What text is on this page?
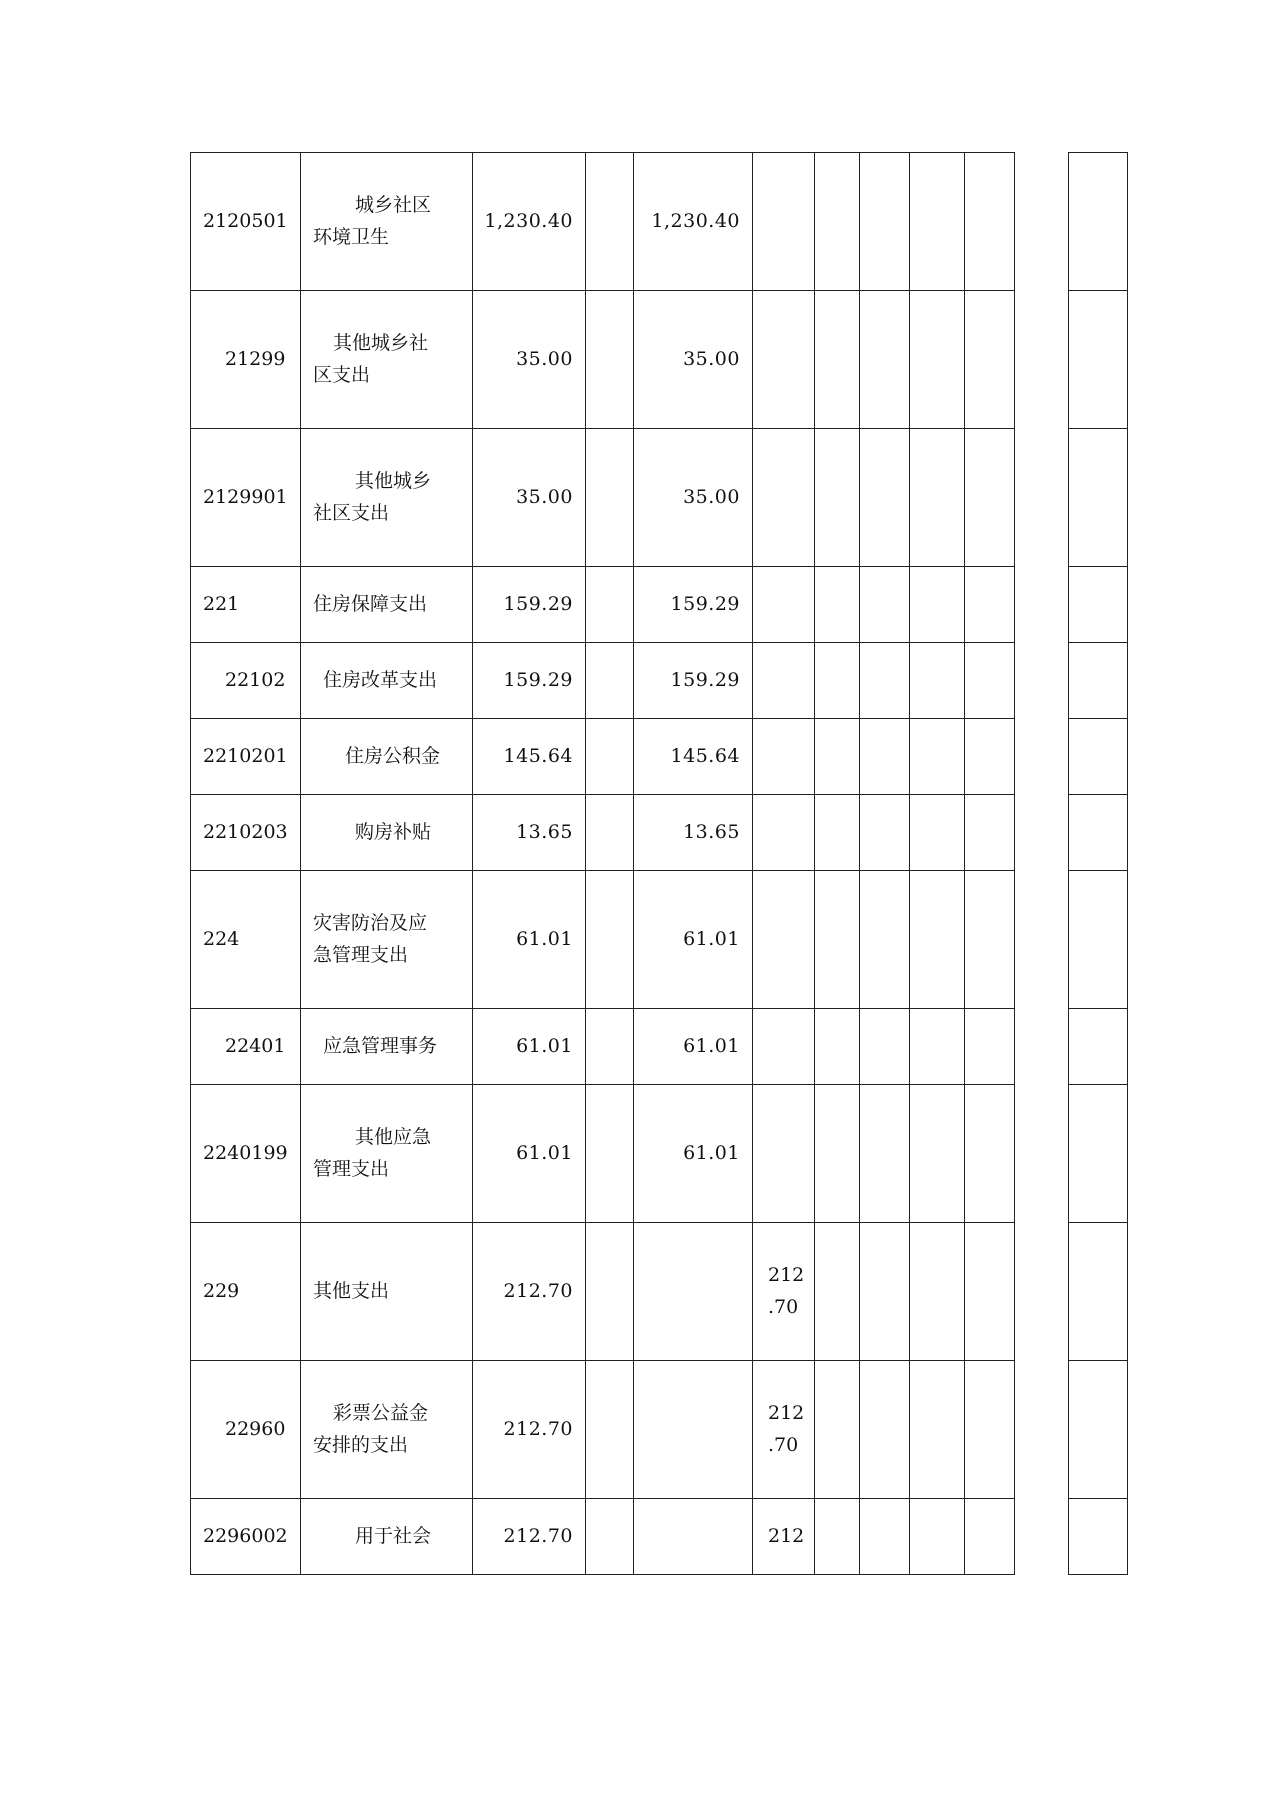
2120501	城乡社区
环境卫生	1,230.40		1,230.40	

21299	其他城乡社
区支出	35.00		35.00	

2129901	其他城乡
社区支出	35.00		35.00	

221	住房保障支出	159.29		159.29	

22102	住房改革支出	159.29		159.29	

2210201	住房公积金	145.64		145.64	

2210203	购房补贴	13.65		13.65	

224	灾害防治及应
急管理支出	61.01		61.01	

22401	应急管理事务	61.01		61.01	

2240199	其他应急
管理支出	61.01		61.01	

229	其他支出	212.70			212
.70						

22960	彩票公益金
安排的支出	212.70			212
.70						

2296002	用于社会	212.70			212						
